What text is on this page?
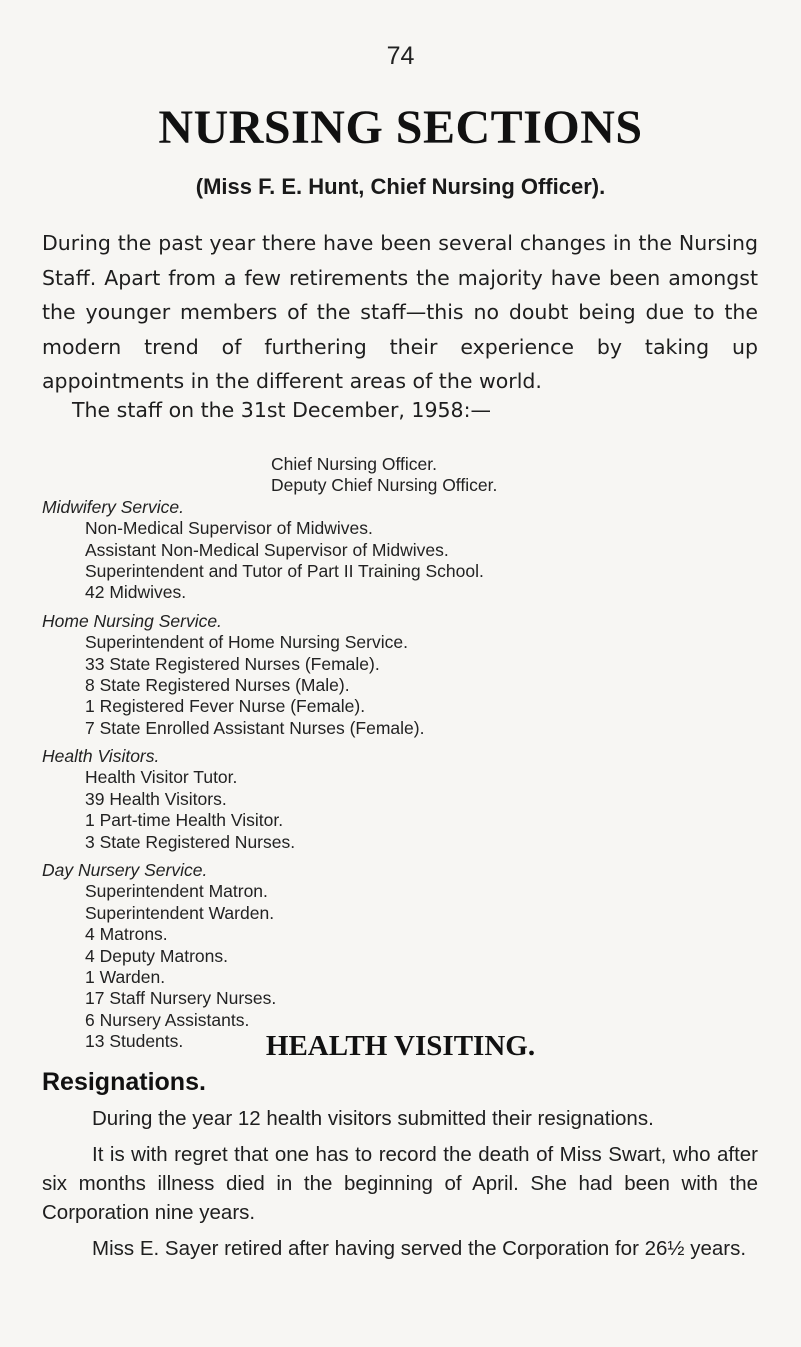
74
NURSING SECTIONS
(Miss F. E. Hunt, Chief Nursing Officer).

During the past year there have been several changes in the Nursing Staff. Apart from a few retirements the majority have been amongst the younger members of the staff—this no doubt being due to the modern trend of furthering their experience by taking up appointments in the different areas of the world.

The staff on the 31st December, 1958:—

Chief Nursing Officer.
Deputy Chief Nursing Officer.
Midwifery Service.
Non-Medical Supervisor of Midwives.
Assistant Non-Medical Supervisor of Midwives.
Superintendent and Tutor of Part II Training School.
42 Midwives.
Home Nursing Service.
Superintendent of Home Nursing Service.
33 State Registered Nurses (Female).
8 State Registered Nurses (Male).
1 Registered Fever Nurse (Female).
7 State Enrolled Assistant Nurses (Female).
Health Visitors.
Health Visitor Tutor.
39 Health Visitors.
1 Part-time Health Visitor.
3 State Registered Nurses.
Day Nursery Service.
Superintendent Matron.
Superintendent Warden.
4 Matrons.
4 Deputy Matrons.
1 Warden.
17 Staff Nursery Nurses.
6 Nursery Assistants.
13 Students.	HEALTH VISITING.
Resignations.

During the year 12 health visitors submitted their resignations.

It is with regret that one has to record the death of Miss Swart, who after six months illness died in the beginning of April. She had been with the Corporation nine years.

Miss E. Sayer retired after having served the Corporation for 26½ years.
